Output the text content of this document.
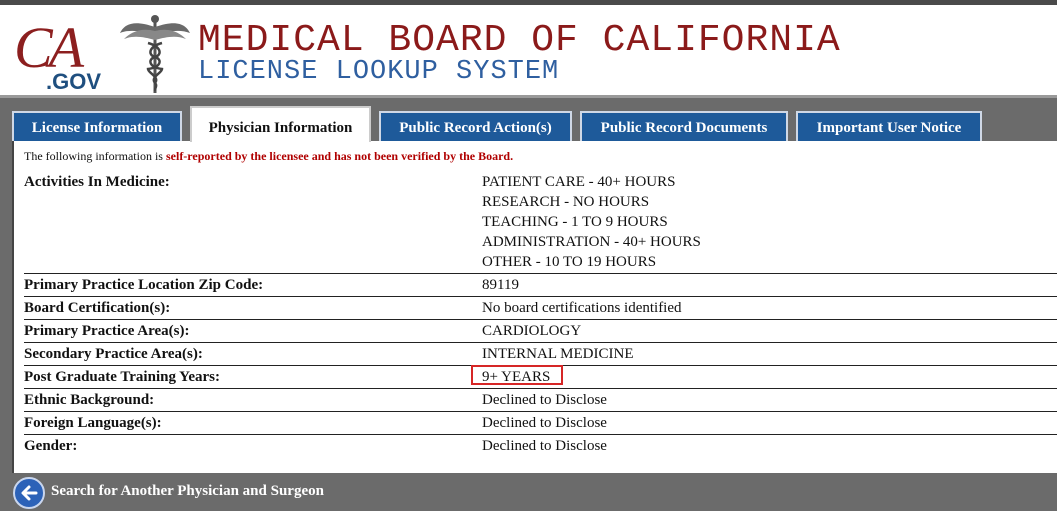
CA
.GOV
MEDICAL BOARD OF CALIFORNIA
LICENSE LOOKUP SYSTEM
License Information	Physician Information	Public Record Action(s)	Public Record Documents	Important User Notice
The following information is self-reported by the licensee and has not been verified by the Board.
Activities In Medicine:	PATIENT CARE - 40+ HOURS
RESEARCH - NO HOURS
TEACHING - 1 TO 9 HOURS
ADMINISTRATION - 40+ HOURS
OTHER - 10 TO 19 HOURS
Primary Practice Location Zip Code:	89119
Board Certification(s):	No board certifications identified
Primary Practice Area(s):	CARDIOLOGY
Secondary Practice Area(s):	INTERNAL MEDICINE
Post Graduate Training Years:	9+ YEARS
Ethnic Background:	Declined to Disclose
Foreign Language(s):	Declined to Disclose
Gender:	Declined to Disclose
Search for Another Physician and Surgeon
